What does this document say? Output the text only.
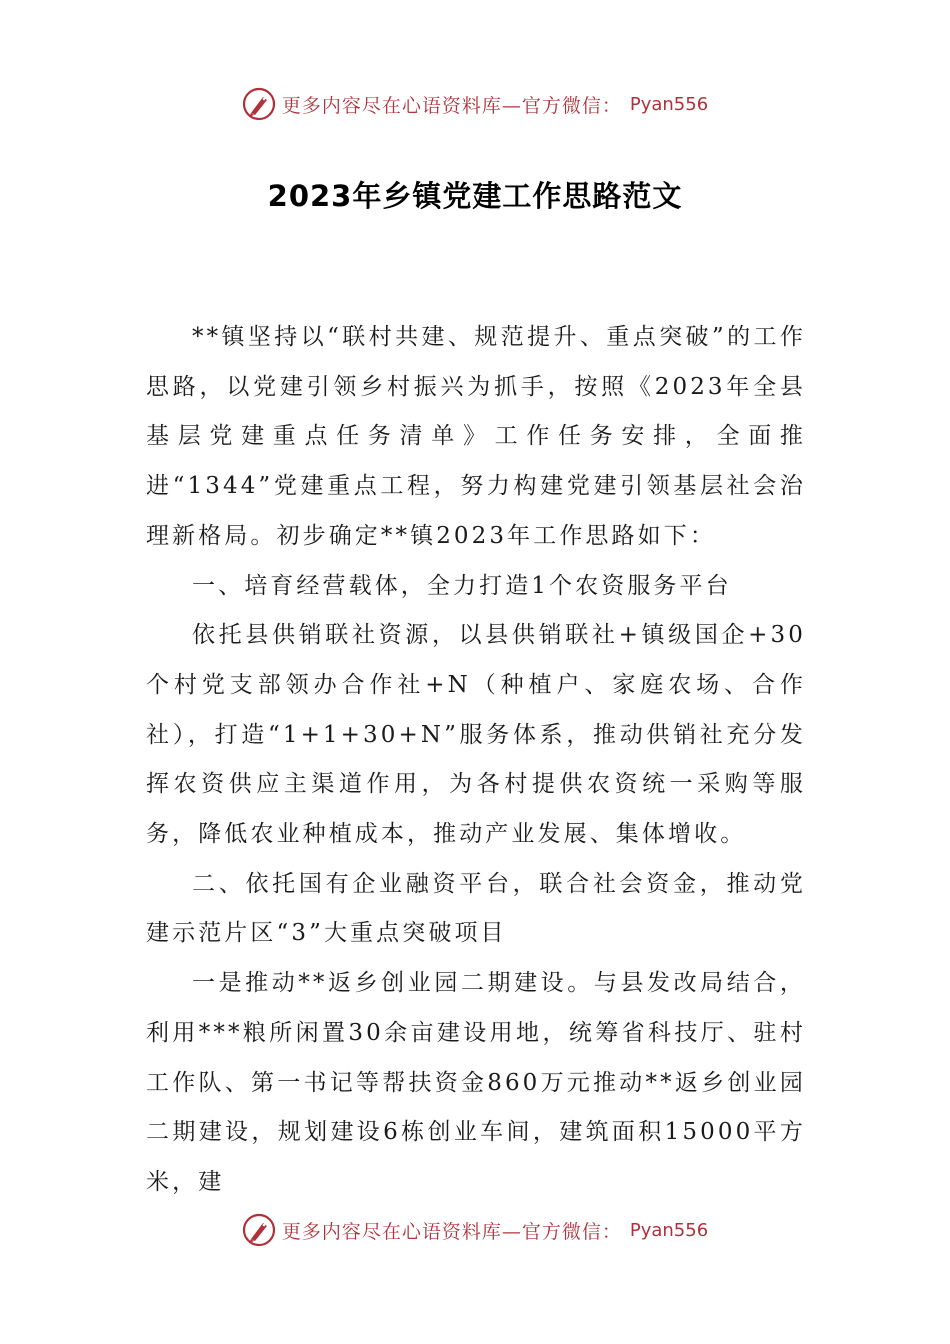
更多内容尽在心语资料库—官方微信： Pyan556
2023年乡镇党建工作思路范文

**镇坚持以“联村共建、规范提升、重点突破”的工作思路，以党建引领乡村振兴为抓手，按照《2023年全县基层党建重点任务清单》工作任务安排，全面推进“1344”党建重点工程，努力构建党建引领基层社会治理新格局。初步确定**镇2023年工作思路如下：

一、培育经营载体，全力打造1个农资服务平台

依托县供销联社资源，以县供销联社+镇级国企+30个村党支部领办合作社+N（种植户、家庭农场、合作社），打造“1+1+30+N”服务体系，推动供销社充分发挥农资供应主渠道作用，为各村提供农资统一采购等服务，降低农业种植成本，推动产业发展、集体增收。

二、依托国有企业融资平台，联合社会资金，推动党建示范片区“3”大重点突破项目

一是推动**返乡创业园二期建设。与县发改局结合，利用***粮所闲置30余亩建设用地，统筹省科技厅、驻村工作队、第一书记等帮扶资金860万元推动**返乡创业园二期建设，规划建设6栋创业车间，建筑面积15000平方米，建

更多内容尽在心语资料库—官方微信： Pyan556
